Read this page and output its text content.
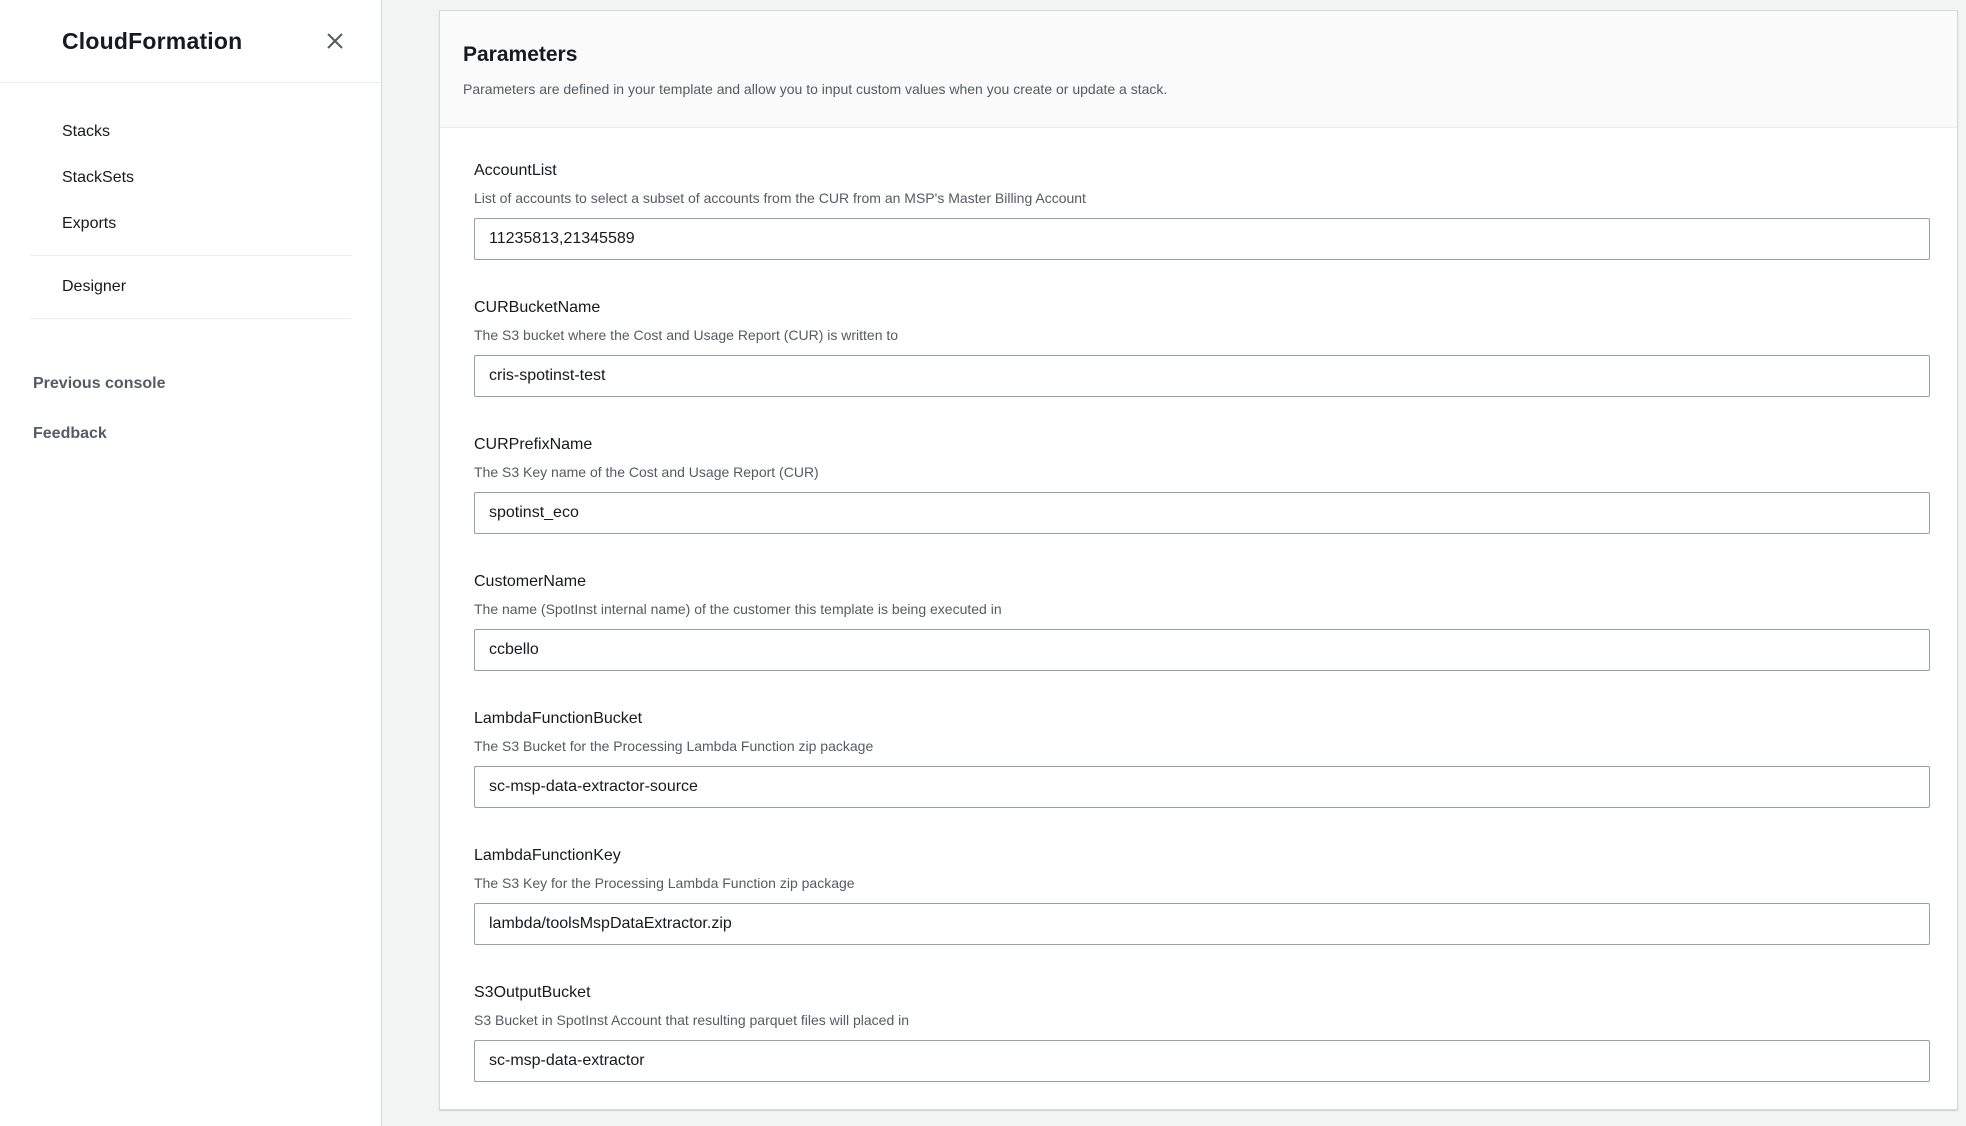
CloudFormation
Stacks
StackSets
Exports
Designer
Previous console
Feedback
Parameters

Parameters are defined in your template and allow you to input custom values when you create or update a stack.

AccountList
List of accounts to select a subset of accounts from the CUR from an MSP's Master Billing Account
11235813,21345589
CURBucketName
The S3 bucket where the Cost and Usage Report (CUR) is written to
cris-spotinst-test
CURPrefixName
The S3 Key name of the Cost and Usage Report (CUR)
spotinst_eco
CustomerName
The name (SpotInst internal name) of the customer this template is being executed in
ccbello
LambdaFunctionBucket
The S3 Bucket for the Processing Lambda Function zip package
sc-msp-data-extractor-source
LambdaFunctionKey
The S3 Key for the Processing Lambda Function zip package
lambda/toolsMspDataExtractor.zip
S3OutputBucket
S3 Bucket in SpotInst Account that resulting parquet files will placed in
sc-msp-data-extractor
